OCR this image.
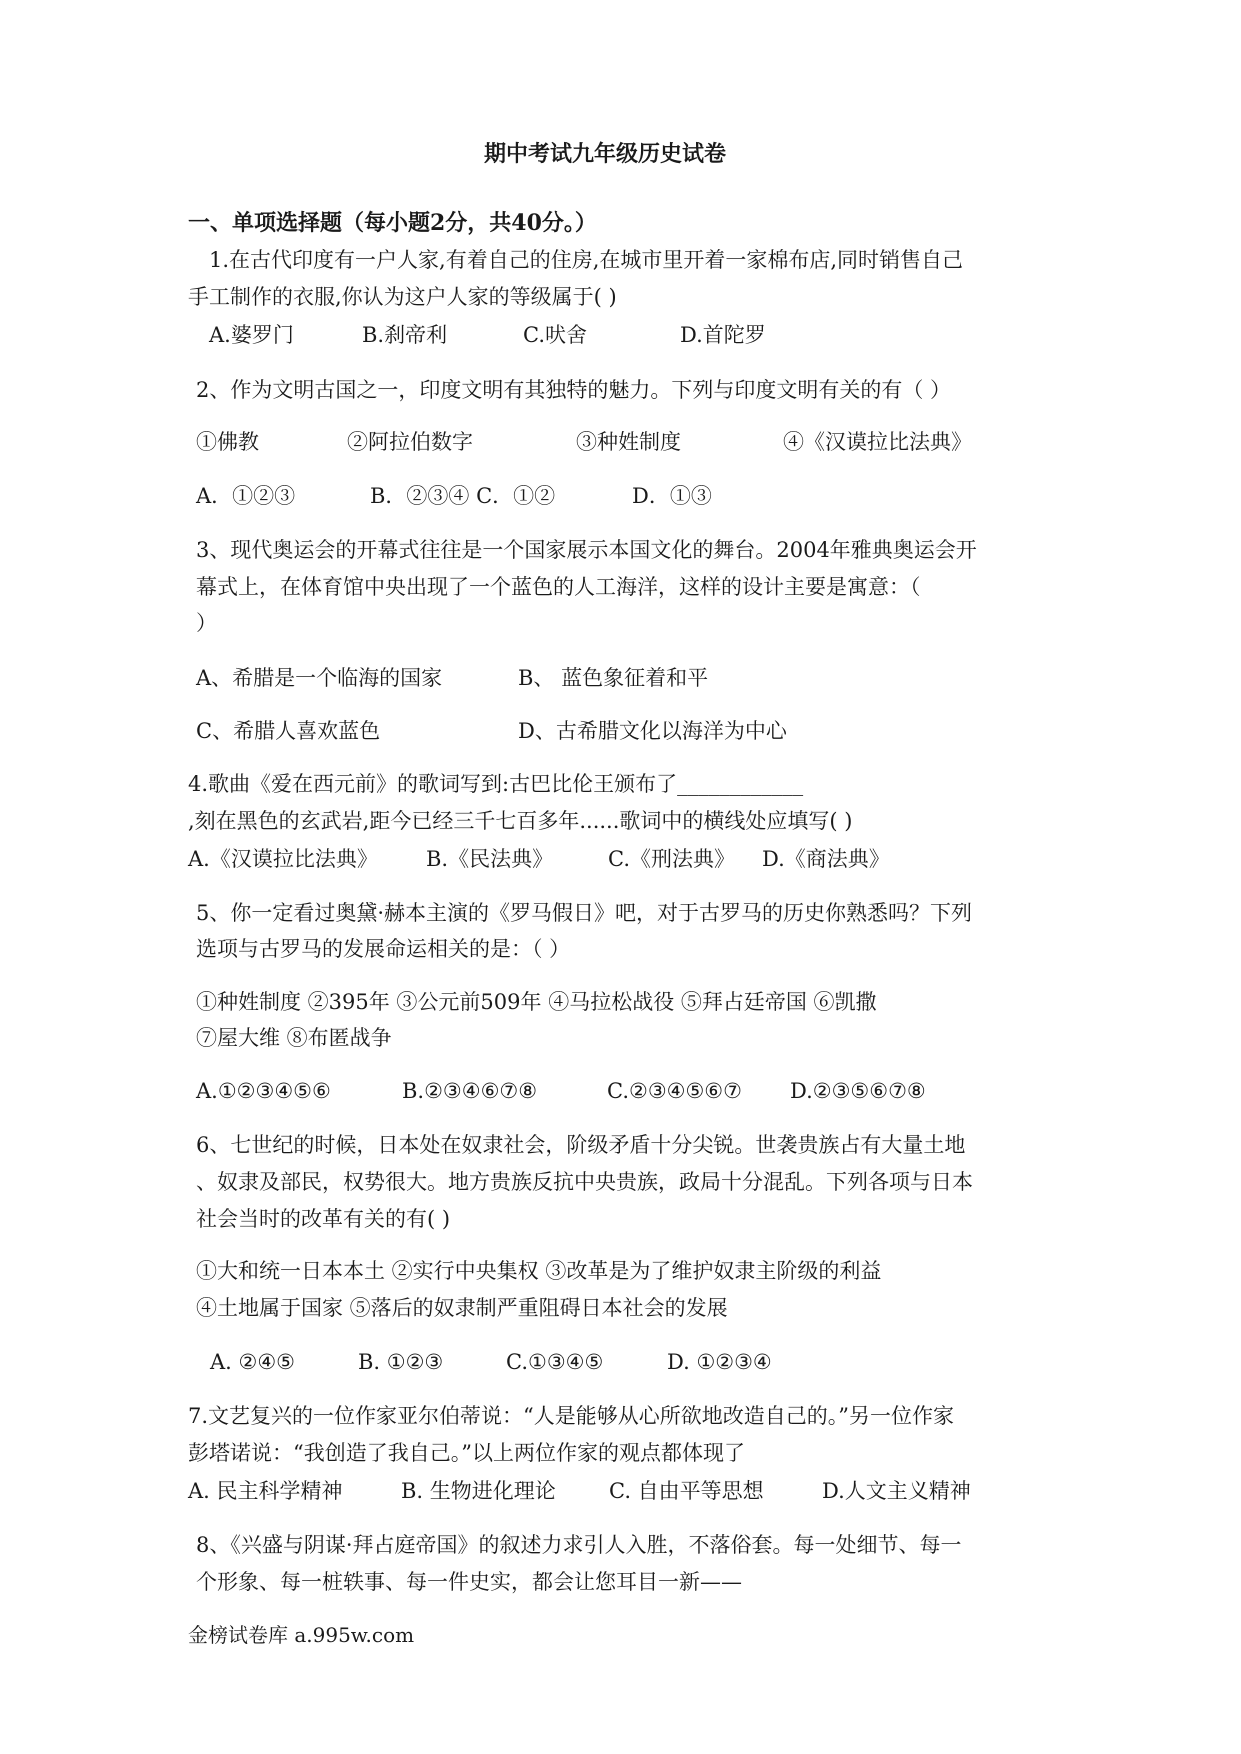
期中考试九年级历史试卷
一、单项选择题（每小题2分，共40分。）
1.在古代印度有一户人家,有着自己的住房,在城市里开着一家棉布店,同时销售自己
手工制作的衣服,你认为这户人家的等级属于( )
A.婆罗门	B.刹帝利	C.吠舍	D.首陀罗
2、作为文明古国之一，印度文明有其独特的魅力。下列与印度文明有关的有（ ）
①佛教	②阿拉伯数字	③种姓制度	④《汉谟拉比法典》
A．①②③	B．②③④ C．①②	D．①③
3、现代奥运会的开幕式往往是一个国家展示本国文化的舞台。2004年雅典奥运会开
幕式上，在体育馆中央出现了一个蓝色的人工海洋，这样的设计主要是寓意：（
）
A、希腊是一个临海的国家	B、 蓝色象征着和平
C、希腊人喜欢蓝色	D、古希腊文化以海洋为中心
4.歌曲《爱在西元前》的歌词写到:古巴比伦王颁布了____________
,刻在黑色的玄武岩,距今已经三千七百多年......歌词中的横线处应填写( )
A.《汉谟拉比法典》 B.《民法典》	C.《刑法典》 D.《商法典》
5、你一定看过奥黛·赫本主演的《罗马假日》吧，对于古罗马的历史你熟悉吗？下列
选项与古罗马的发展命运相关的是：（ ）
①种姓制度 ②395年 ③公元前509年 ④马拉松战役 ⑤拜占廷帝国 ⑥凯撒
⑦屋大维 ⑧布匿战争
A.①②③④⑤⑥	B.②③④⑥⑦⑧	C.②③④⑤⑥⑦ D.②③⑤⑥⑦⑧
6、七世纪的时候，日本处在奴隶社会，阶级矛盾十分尖锐。世袭贵族占有大量土地
、奴隶及部民，权势很大。地方贵族反抗中央贵族，政局十分混乱。下列各项与日本
社会当时的改革有关的有( )
①大和统一日本本土 ②实行中央集权 ③改革是为了维护奴隶主阶级的利益
④土地属于国家 ⑤落后的奴隶制严重阻碍日本社会的发展
A. ②④⑤	B. ①②③	C.①③④⑤	D. ①②③④
7.文艺复兴的一位作家亚尔伯蒂说：“人是能够从心所欲地改造自己的。”另一位作家
彭塔诺说：“我创造了我自己。”以上两位作家的观点都体现了
A. 民主科学精神	B. 生物进化理论	C. 自由平等思想	D.人文主义精神
8、《兴盛与阴谋·拜占庭帝国》的叙述力求引人入胜，不落俗套。每一处细节、每一
个形象、每一桩轶事、每一件史实，都会让您耳目一新——
金榜试卷库 a.995w.com
